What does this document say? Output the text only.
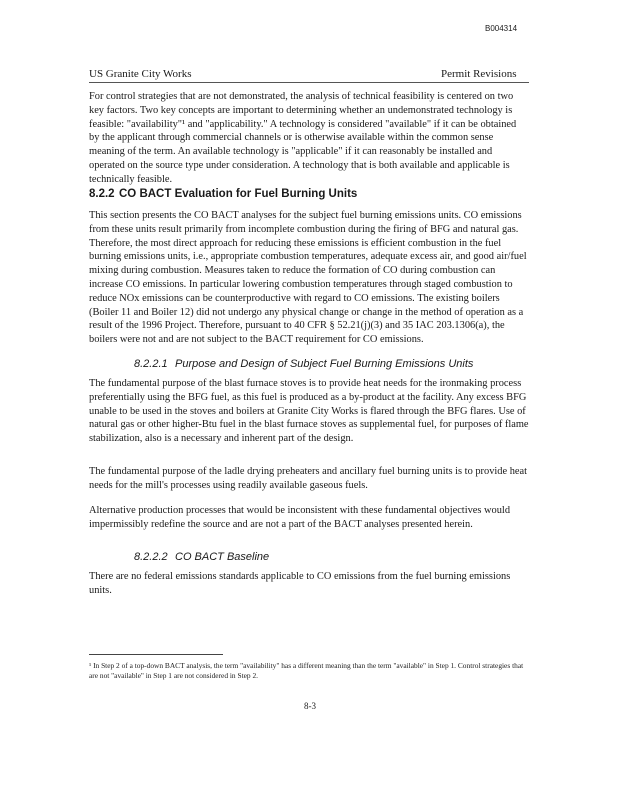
B004314
US Granite City Works	Permit Revisions
For control strategies that are not demonstrated, the analysis of technical feasibility is centered on two key factors. Two key concepts are important to determining whether an undemonstrated technology is feasible: "availability"¹ and "applicability." A technology is considered "available" if it can be obtained by the applicant through commercial channels or is otherwise available within the common sense meaning of the term. An available technology is "applicable" if it can reasonably be installed and operated on the source type under consideration. A technology that is both available and applicable is technically feasible.
8.2.2 CO BACT Evaluation for Fuel Burning Units
This section presents the CO BACT analyses for the subject fuel burning emissions units. CO emissions from these units result primarily from incomplete combustion during the firing of BFG and natural gas. Therefore, the most direct approach for reducing these emissions is efficient combustion in the fuel burning emissions units, i.e., appropriate combustion temperatures, adequate excess air, and good air/fuel mixing during combustion. Measures taken to reduce the formation of CO during combustion can increase CO emissions. In particular lowering combustion temperatures through staged combustion to reduce NOx emissions can be counterproductive with regard to CO emissions. The existing boilers (Boiler 11 and Boiler 12) did not undergo any physical change or change in the method of operation as a result of the 1996 Project. Therefore, pursuant to 40 CFR § 52.21(j)(3) and 35 IAC 203.1306(a), the boilers were not and are not subject to the BACT requirement for CO emissions.
8.2.2.1 Purpose and Design of Subject Fuel Burning Emissions Units
The fundamental purpose of the blast furnace stoves is to provide heat needs for the ironmaking process preferentially using the BFG fuel, as this fuel is produced as a by-product at the facility. Any excess BFG unable to be used in the stoves and boilers at Granite City Works is flared through the BFG flares. Use of natural gas or other higher-Btu fuel in the blast furnace stoves as supplemental fuel, for purposes of flame stabilization, also is a necessary and inherent part of the design.
The fundamental purpose of the ladle drying preheaters and ancillary fuel burning units is to provide heat needs for the mill's processes using readily available gaseous fuels.
Alternative production processes that would be inconsistent with these fundamental objectives would impermissibly redefine the source and are not a part of the BACT analyses presented herein.
8.2.2.2 CO BACT Baseline
There are no federal emissions standards applicable to CO emissions from the fuel burning emissions units.
¹ In Step 2 of a top-down BACT analysis, the term "availability" has a different meaning than the term "available" in Step 1. Control strategies that are not "available" in Step 1 are not considered in Step 2.
8-3
